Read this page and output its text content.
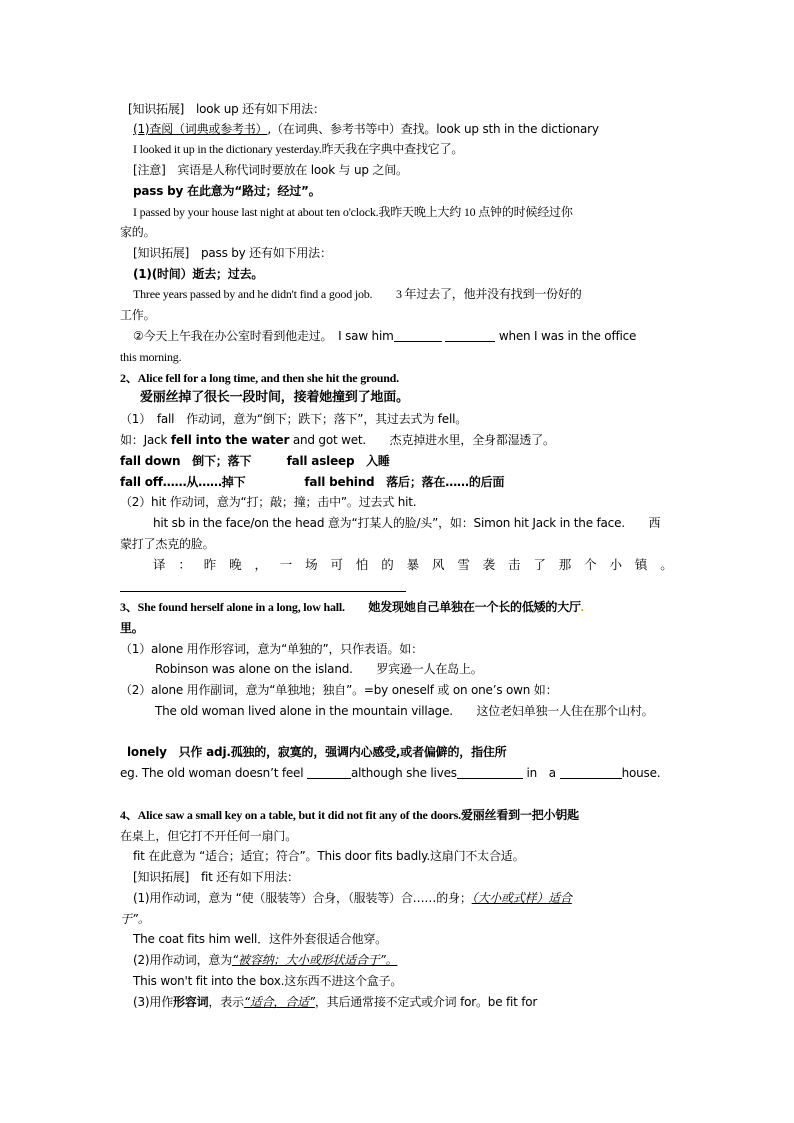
[知识拓展]　look up 还有如下用法：
(1)查阅（词典或参考书）,（在词典、参考书等中）查找。look up sth in the dictionary
I looked it up in the dictionary yesterday.昨天我在字典中查找它了。
[注意]　宾语是人称代词时要放在 look 与 up 之间。
pass by 在此意为“路过；经过”。
I passed by your house last night at about ten o'clock.我昨天晚上大约 10 点钟的时候经过你
家的。
[知识拓展]　pass by 还有如下用法：
(1)(时间）逝去；过去。
Three years passed by and he didn't find a good job.　　3 年过去了，他并没有找到一份好的
工作。
②今天上午我在办公室时看到他走过。　I saw him	when I was in the office
this morning.
2、Alice fell for a long time, and then she hit the ground.
爱丽丝掉了很长一段时间，接着她撞到了地面。
（1）　fall　作动词，意为“倒下；跌下；落下”，其过去式为 fell。
如：Jack fell into the water and got wet.　　杰克掉进水里，全身都湿透了。
fall down　倒下；落下　　　fall asleep　入睡
fall off……从……掉下　　　　　fall behind　落后；落在……的后面
（2）hit 作动词，意为“打；敲；撞；击中”。过去式 hit.
hit sb in the face/on the head 意为“打某人的脸/头”，如：Simon hit Jack in the face.　　西
蒙打了杰克的脸。
译 ： 昨 晚 ， 一 场 可 怕 的 暴 风 雪 袭 击 了 那 个 小 镇 。
3、She found herself alone in a long, low hall.　　她发现她自己单独在一个长的低矮的大厅.
里。
（1）alone 用作形容词，意为“单独的”，只作表语。如：
Robinson was alone on the island.　　罗宾逊一人在岛上。
（2）alone 用作副词，意为“单独地；独自”。=by oneself 或 on one’s own 如：
The old woman lived alone in the mountain village.　　这位老妇单独一人住在那个山村。
lonely　只作 adj.孤独的，寂寞的，强调内心感受,或者偏僻的，指住所
eg. The old woman doesn’t feel	although she lives	in　a	house.
4、Alice saw a small key on a table, but it did not fit any of the doors.爱丽丝看到一把小钥匙
在桌上，但它打不开任何一扇门。
fit 在此意为 “适合；适宜；符合”。This door fits badly.这扇门不太合适。
[知识拓展]　fit 还有如下用法：
(1)用作动词，意为 “使（服装等）合身，（服装等）合……的身；（大小或式样）适合
于”。
The coat fits him well．这件外套很适合他穿。
(2)用作动词，意为“被容纳；大小或形状适合于”。
This won't fit into the box.这东西不进这个盒子。
(3)用作形容词，表示“适合，合适”，其后通常接不定式或介词 for。be fit for
